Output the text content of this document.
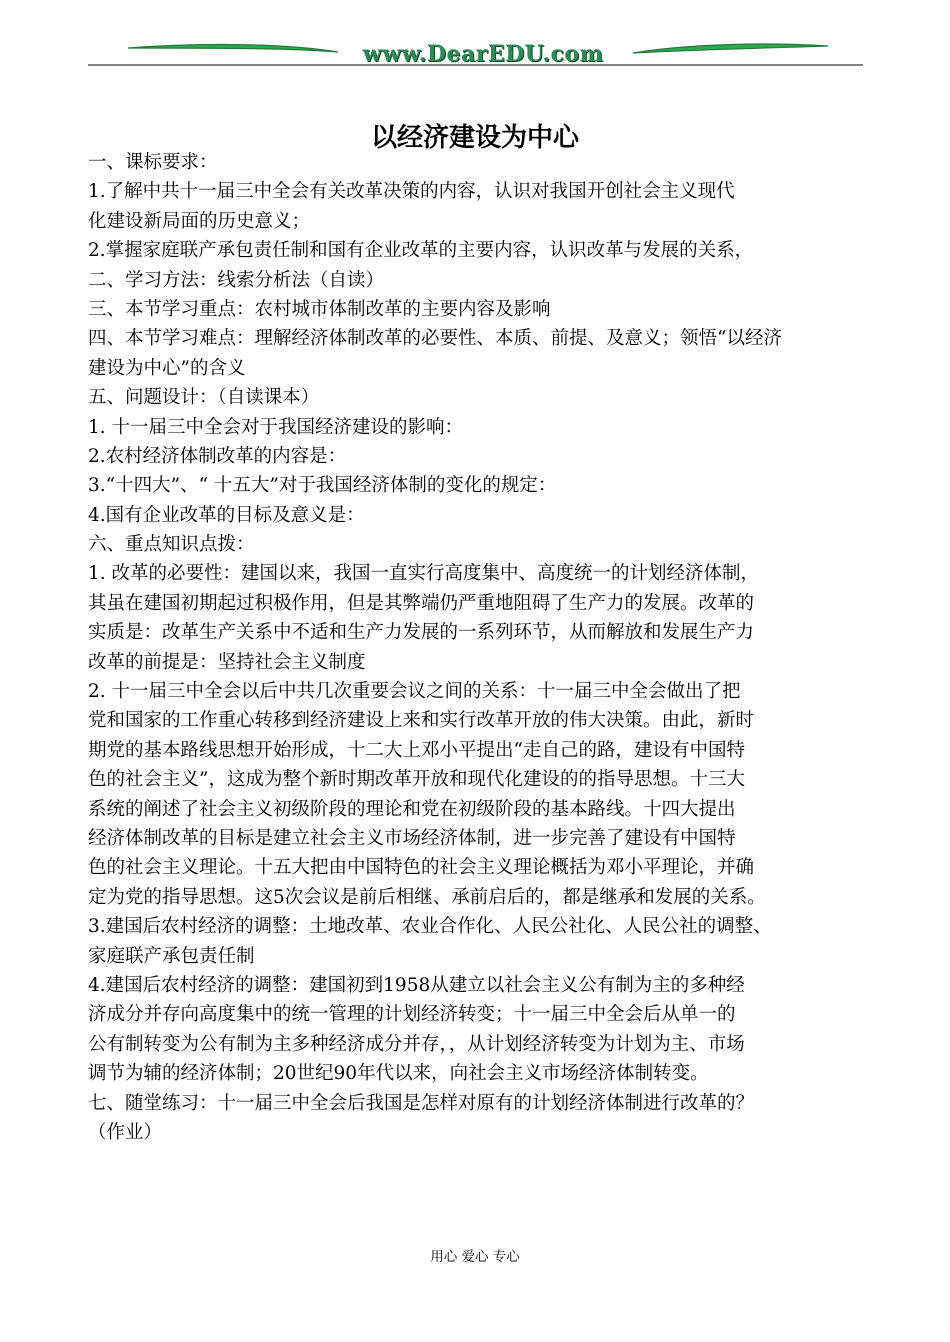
www.DearEDU.com
以经济建设为中心
一、课标要求：
1.了解中共十一届三中全会有关改革决策的内容，认识对我国开创社会主义现代
化建设新局面的历史意义；
2.掌握家庭联产承包责任制和国有企业改革的主要内容，认识改革与发展的关系，
二、学习方法：线索分析法（自读）
三、本节学习重点：农村城市体制改革的主要内容及影响
四、本节学习难点：理解经济体制改革的必要性、本质、前提、及意义；领悟“以经济
建设为中心”的含义
五、问题设计：（自读课本）
1. 十一届三中全会对于我国经济建设的影响：
2.农村经济体制改革的内容是：
3.“十四大”、“ 十五大”对于我国经济体制的变化的规定：
4.国有企业改革的目标及意义是：
六、重点知识点拨：
1. 改革的必要性：建国以来，我国一直实行高度集中、高度统一的计划经济体制，
其虽在建国初期起过积极作用，但是其弊端仍严重地阻碍了生产力的发展。改革的
实质是：改革生产关系中不适和生产力发展的一系列环节，从而解放和发展生产力
改革的前提是：坚持社会主义制度
2. 十一届三中全会以后中共几次重要会议之间的关系：十一届三中全会做出了把
党和国家的工作重心转移到经济建设上来和实行改革开放的伟大决策。由此，新时
期党的基本路线思想开始形成，十二大上邓小平提出“走自己的路，建设有中国特
色的社会主义”，这成为整个新时期改革开放和现代化建设的的指导思想。十三大
系统的阐述了社会主义初级阶段的理论和党在初级阶段的基本路线。十四大提出
经济体制改革的目标是建立社会主义市场经济体制，进一步完善了建设有中国特
色的社会主义理论。十五大把由中国特色的社会主义理论概括为邓小平理论，并确
定为党的指导思想。这5次会议是前后相继、承前启后的，都是继承和发展的关系。
3.建国后农村经济的调整：土地改革、农业合作化、人民公社化、人民公社的调整、
家庭联产承包责任制
4.建国后农村经济的调整：建国初到1958从建立以社会主义公有制为主的多种经
济成分并存向高度集中的统一管理的计划经济转变；十一届三中全会后从单一的
公有制转变为公有制为主多种经济成分并存，，从计划经济转变为计划为主、市场
调节为辅的经济体制；20世纪90年代以来，向社会主义市场经济体制转变。
七、随堂练习：十一届三中全会后我国是怎样对原有的计划经济体制进行改革的？
（作业）
用心 爱心 专心
